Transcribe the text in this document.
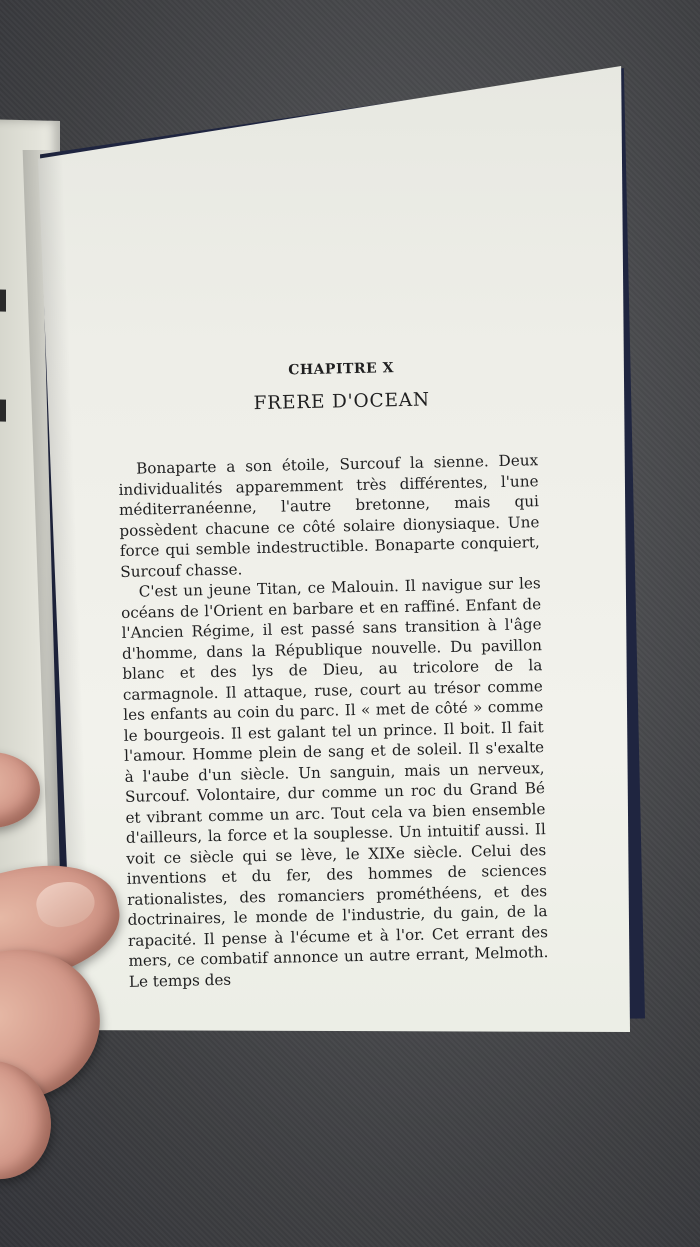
CHAPITRE X
FRERE D'OCEAN

Bonaparte a son étoile, Surcouf la sienne. Deux individualités apparemment très différentes, l'une méditerranéenne, l'autre bretonne, mais qui possèdent chacune ce côté solaire dionysiaque. Une force qui semble indestructible. Bonaparte conquiert, Surcouf chasse.

C'est un jeune Titan, ce Malouin. Il navigue sur les océans de l'Orient en barbare et en raffiné. Enfant de l'Ancien Régime, il est passé sans transition à l'âge d'homme, dans la République nouvelle. Du pavillon blanc et des lys de Dieu, au tricolore de la carmagnole. Il attaque, ruse, court au trésor comme les enfants au coin du parc. Il « met de côté » comme le bourgeois. Il est galant tel un prince. Il boit. Il fait l'amour. Homme plein de sang et de soleil. Il s'exalte à l'aube d'un siècle. Un sanguin, mais un nerveux, Surcouf. Volontaire, dur comme un roc du Grand Bé et vibrant comme un arc. Tout cela va bien ensemble d'ailleurs, la force et la souplesse. Un intuitif aussi. Il voit ce siècle qui se lève, le XIXe siècle. Celui des inventions et du fer, des hommes de sciences rationalistes, des romanciers prométhéens, et des doctrinaires, le monde de l'industrie, du gain, de la rapacité. Il pense à l'écume et à l'or. Cet errant des mers, ce combatif annonce un autre errant, Melmoth. Le temps des
